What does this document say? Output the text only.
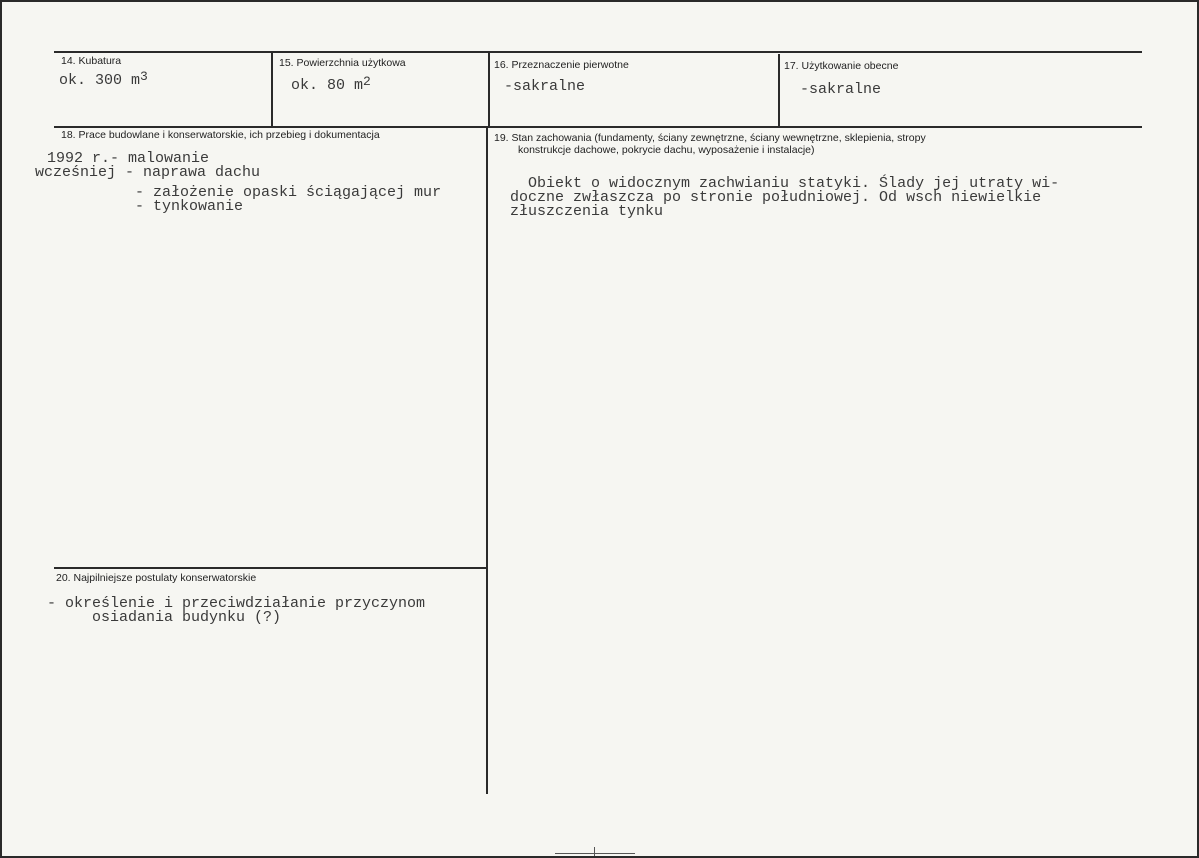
14. Kubatura
ok. 300 $m^3$
15. Powierzchnia użytkowa
ok. 80 $m^2$
16. Przeznaczenie pierwotne
-sakralne
17. Użytkowanie obecne
-sakralne
18. Prace budowlane i konserwatorskie, ich przebieg i dokumentacja
1992 r.- malowanie
wcześniej - naprawa dachu
- założenie opaski ściągającej mur
- tynkowanie
19. Stan zachowania (fundamenty, ściany zewnętrzne, ściany wewnętrzne, sklepienia, stropy
konstrukcje dachowe, pokrycie dachu, wyposażenie i instalacje)
Obiekt o widocznym zachwianiu statyki. Ślady jej utraty wi-
doczne zwłaszcza po stronie południowej. Od wsch niewielkie
złuszczenia tynku
20. Najpilniejsze postulaty konserwatorskie
- określenie i przeciwdziałanie przyczynom
osiadania budynku (?)
